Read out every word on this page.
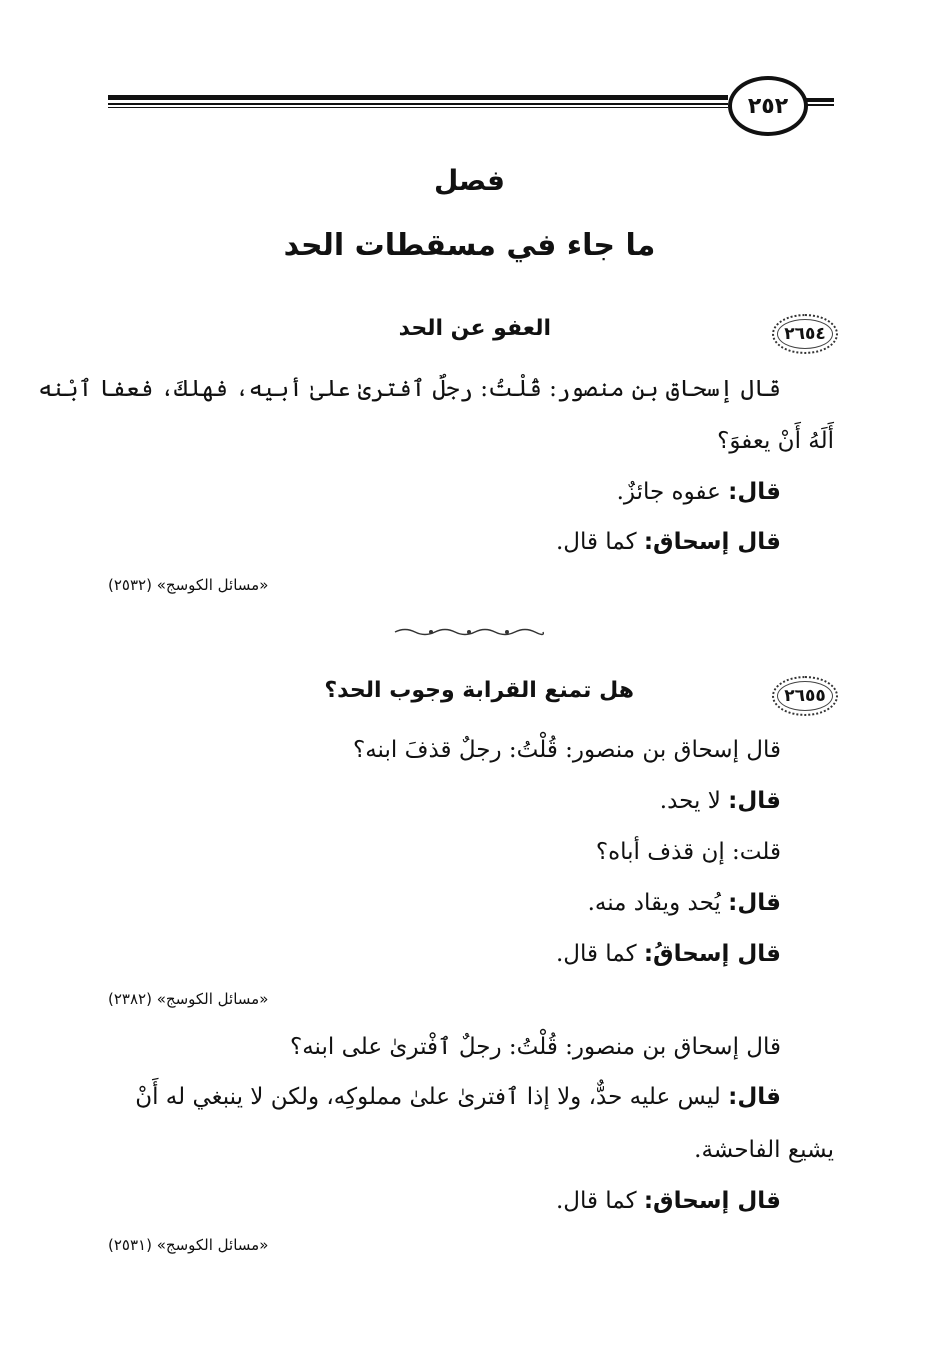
٢٥٢
فصل
ما جاء في مسقطات الحد
٢٦٥٤
العفو عن الحد
قال إسحاق بن منصور: قُلْتُ: رجلٌ ٱفترىٰ علىٰ أبيه، فهلكَ، فعفا ٱبْنه
أَلَهُ أَنْ يعفوَ؟
قال: عفوه جائزٌ.
قال إسحاق: كما قال.
«مسائل الكوسج» (٢٥٣٢)
٢٦٥٥
هل تمنع القرابة وجوب الحد؟
قال إسحاق بن منصور: قُلْتُ: رجلٌ قذفَ ابنه؟
قال: لا يحد.
قلت: إن قذف أباه؟
قال: يُحد ويقاد منه.
قال إسحاقُ: كما قال.
«مسائل الكوسج» (٢٣٨٢)
قال إسحاق بن منصور: قُلْتُ: رجلٌ ٱفْترىٰ على ابنه؟
قال: ليس عليه حدٌّ، ولا إذا ٱفترىٰ علىٰ مملوكِه، ولكن لا ينبغي له أَنْ
يشيع الفاحشة.
قال إسحاق: كما قال.
«مسائل الكوسج» (٢٥٣١)
